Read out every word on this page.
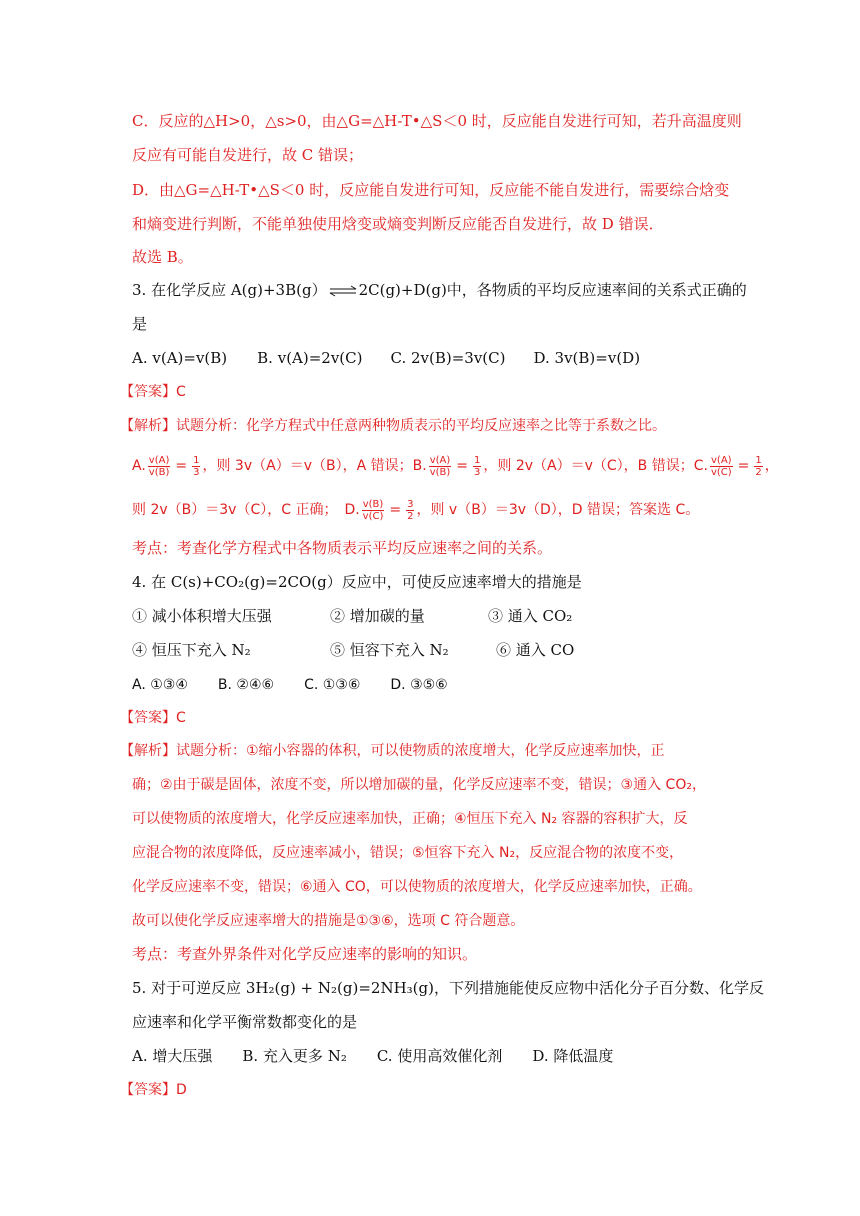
C．反应的△H>0，△s>0，由△G=△H-T•△S＜0 时，反应能自发进行可知，若升高温度则
反应有可能自发进行，故 C 错误；
D．由△G=△H-T•△S＜0 时，反应能自发进行可知，反应能不能自发进行，需要综合焓变
和熵变进行判断，不能单独使用焓变或熵变判断反应能否自发进行，故 D 错误．
故选 B。
3. 在化学反应 A(g)+3B(g）⇌2C(g)+D(g)中，各物质的平均反应速率间的关系式正确的
是
A. v(A)=v(B) B. v(A)=2v(C) C. 2v(B)=3v(C) D. 3v(B)=v(D)
【答案】C
【解析】试题分析：化学方程式中任意两种物质表示的平均反应速率之比等于系数之比。
A. $\frac{v(A)}{v(B)} = \frac{1}{3}$ ，则 3v（A）＝v（B），A 错误；B. $\frac{v(A)}{v(B)} = \frac{1}{3}$ ，则 2v（A）＝v（C），B 错误；C. $\frac{v(A)}{v(C)} = \frac{1}{2}$ ，
则 2v（B）＝3v（C），C 正确；　D. $\frac{v(B)}{v(C)} = \frac{3}{2}$ ，则 v（B）＝3v（D），D 错误；答案选 C。
考点：考查化学方程式中各物质表示平均反应速率之间的关系。
4. 在 C(s)+CO₂(g)=2CO(g）反应中，可使反应速率增大的措施是
① 减小体积增大压强	② 增加碳的量	③ 通入 CO₂
④ 恒压下充入 N₂	⑤ 恒容下充入 N₂	⑥ 通入 CO
A. ①③④ B. ②④⑥ C. ①③⑥ D. ③⑤⑥
【答案】C
【解析】试题分析：①缩小容器的体积，可以使物质的浓度增大，化学反应速率加快，正
确；②由于碳是固体，浓度不变，所以增加碳的量，化学反应速率不变，错误；③通入 CO₂，
可以使物质的浓度增大，化学反应速率加快，正确；④恒压下充入 N₂ 容器的容积扩大，反
应混合物的浓度降低，反应速率减小，错误；⑤恒容下充入 N₂，反应混合物的浓度不变，
化学反应速率不变，错误；⑥通入 CO，可以使物质的浓度增大，化学反应速率加快，正确。
故可以使化学反应速率增大的措施是①③⑥，选项 C 符合题意。
考点：考查外界条件对化学反应速率的影响的知识。
5. 对于可逆反应 3H₂(g) + N₂(g)=2NH₃(g)，下列措施能使反应物中活化分子百分数、化学反
应速率和化学平衡常数都变化的是
A. 增大压强 B. 充入更多 N₂ C. 使用高效催化剂 D. 降低温度
【答案】D
